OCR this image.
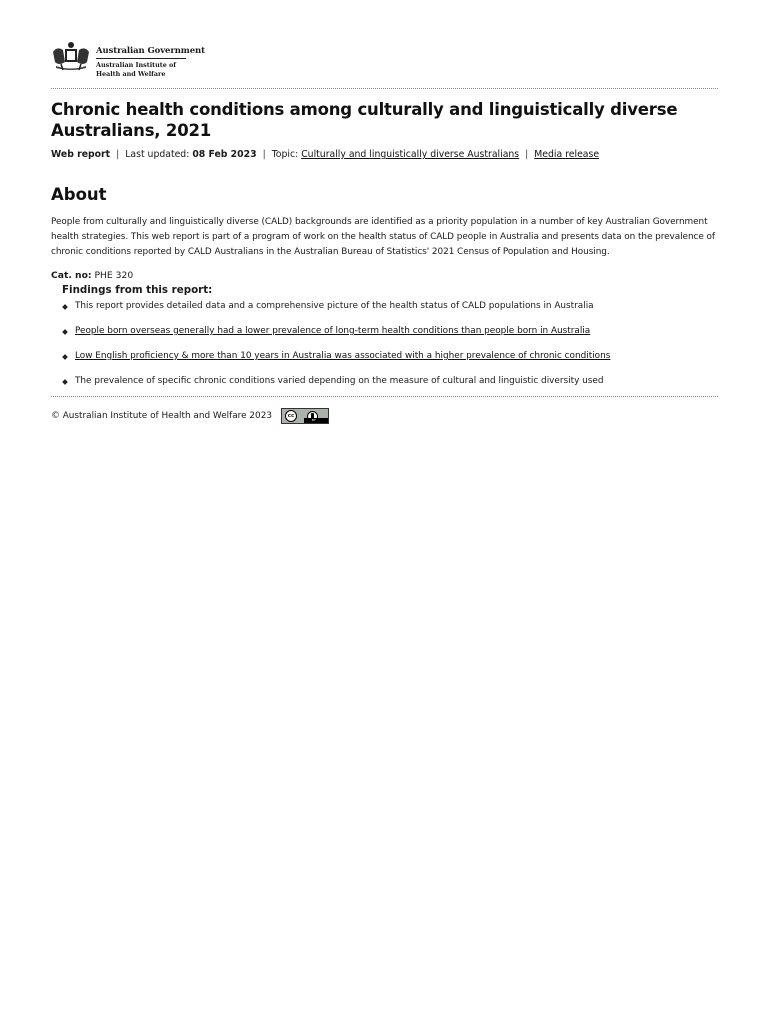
Australian Government
Australian Institute of
Health and Welfare
Chronic health conditions among culturally and linguistically diverse Australians, 2021
Web report | Last updated: 08 Feb 2023 | Topic: Culturally and linguistically diverse Australians | Media release
About

People from culturally and linguistically diverse (CALD) backgrounds are identified as a priority population in a number of key Australian Government health strategies. This web report is part of a program of work on the health status of CALD people in Australia and presents data on the prevalence of chronic conditions reported by CALD Australians in the Australian Bureau of Statistics' 2021 Census of Population and Housing.

Cat. no: PHE 320
Findings from this report:
This report provides detailed data and a comprehensive picture of the health status of CALD populations in Australia
People born overseas generally had a lower prevalence of long-term health conditions than people born in Australia
Low English proficiency & more than 10 years in Australia was associated with a higher prevalence of chronic conditions
The prevalence of specific chronic conditions varied depending on the measure of cultural and linguistic diversity used
© Australian Institute of Health and Welfare 2023	cc
BY
